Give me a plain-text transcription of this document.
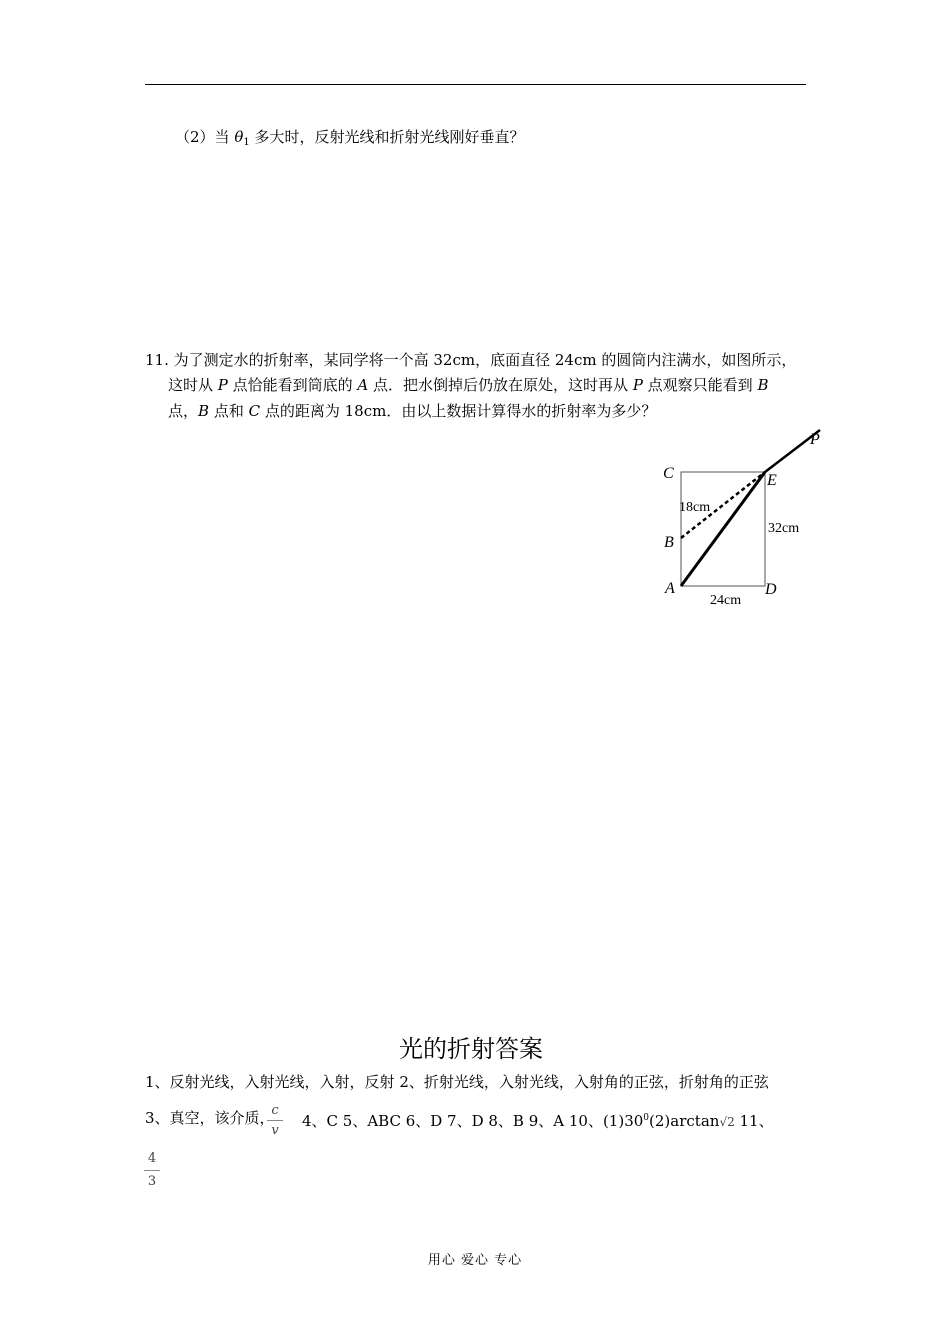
（2）当 $\theta_1$ 多大时，反射光线和折射光线刚好垂直？
11. 为了测定水的折射率，某同学将一个高 32cm，底面直径 24cm 的圆筒内注满水，如图所示，
这时从 P 点恰能看到筒底的 A 点．把水倒掉后仍放在原处，这时再从 P 点观察只能看到 B
点，B 点和 C 点的距离为 18cm．由以上数据计算得水的折射率为多少？
C
B
A	D
E
P
18cm
32cm
24cm
光的折射答案
1、反射光线，入射光线，入射，反射 2、折射光线，入射光线，入射角的正弦，折射角的正弦
3、真空，该介质，
c
v
4、C 5、ABC 6、D 7、D 8、B 9、A 10、$(1)30^0(2)\arctan√2$ 11、
4
3
用心 爱心 专心
